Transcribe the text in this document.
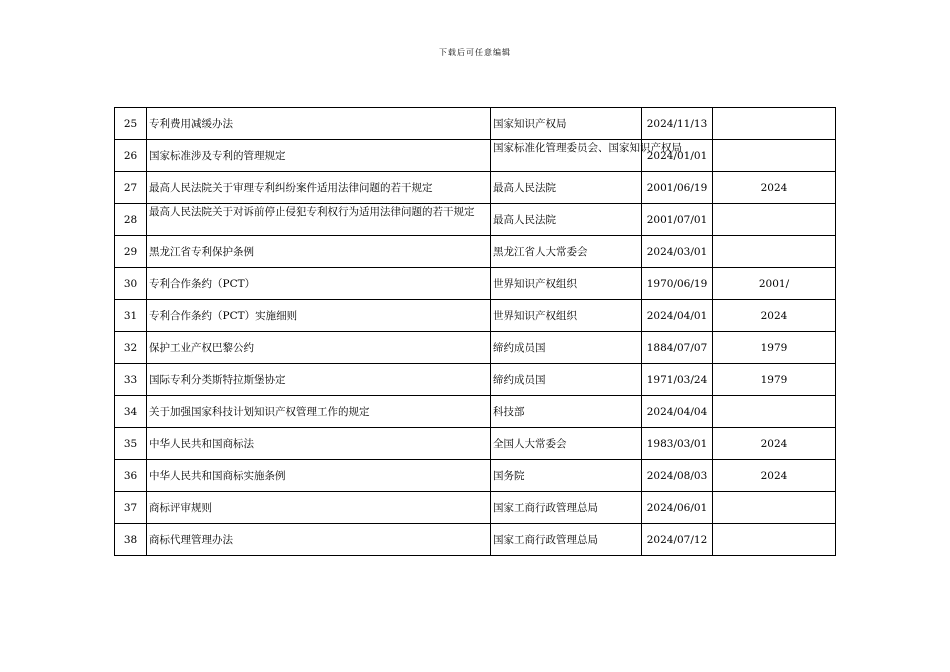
下载后可任意编辑
25	专利费用减缓办法	国家知识产权局	2024/11/13	
26	国家标准涉及专利的管理规定	国家标准化管理委员会、国家知识产权局	2024/01/01	
27	最高人民法院关于审理专利纠纷案件适用法律问题的若干规定	最高人民法院	2001/06/19	2024
28	最高人民法院关于对诉前停止侵犯专利权行为适用法律问题的若干规定	最高人民法院	2001/07/01	
29	黑龙江省专利保护条例	黑龙江省人大常委会	2024/03/01	
30	专利合作条约（PCT）	世界知识产权组织	1970/06/19	2001/
31	专利合作条约（PCT）实施细则	世界知识产权组织	2024/04/01	2024
32	保护工业产权巴黎公约	缔约成员国	1884/07/07	1979
33	国际专利分类斯特拉斯堡协定	缔约成员国	1971/03/24	1979
34	关于加强国家科技计划知识产权管理工作的规定	科技部	2024/04/04	
35	中华人民共和国商标法	全国人大常委会	1983/03/01	2024
36	中华人民共和国商标实施条例	国务院	2024/08/03	2024
37	商标评审规则	国家工商行政管理总局	2024/06/01	
38	商标代理管理办法	国家工商行政管理总局	2024/07/12	
